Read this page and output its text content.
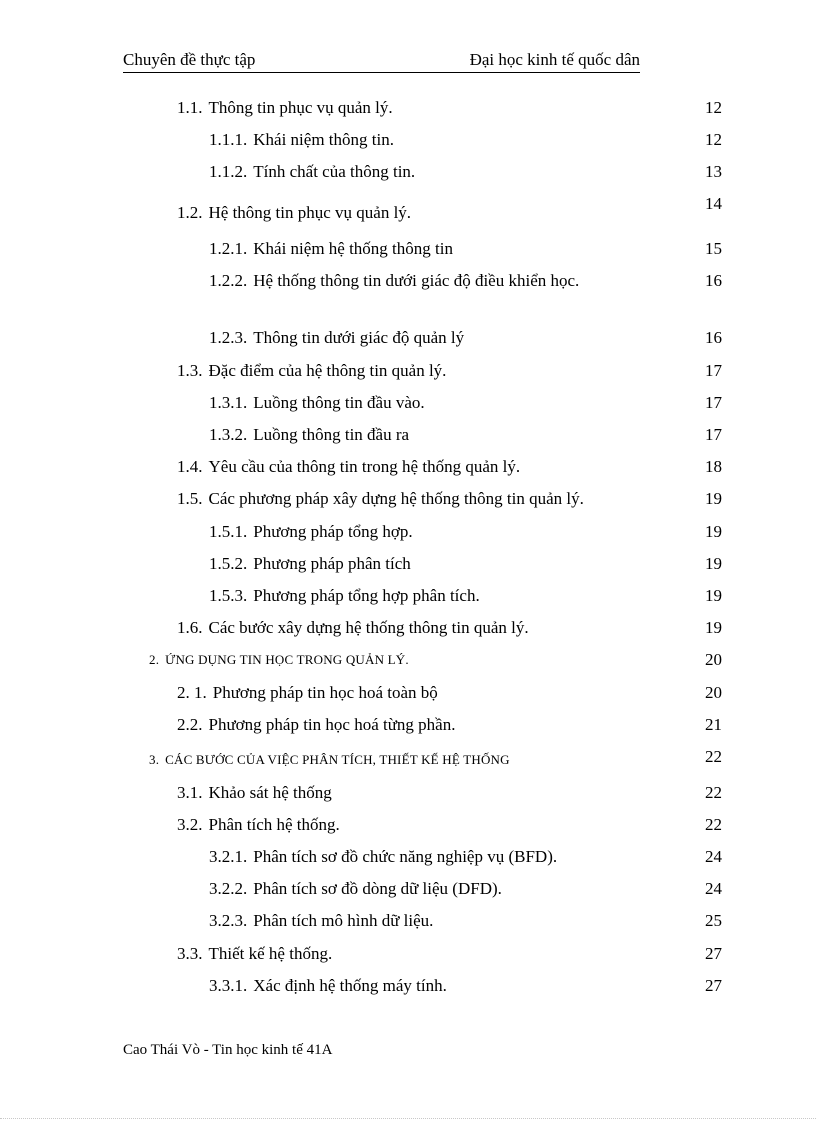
Chuyên đề thực tập	Đại học kinh tế quốc dân
1.1. Thông tin phục vụ quản lý.	12
1.1.1. Khái niệm thông tin.	12
1.1.2. Tính chất của thông tin.	13
1.2. Hệ thông tin phục vụ quản lý.	14
1.2.1. Khái niệm hệ thống thông tin	15
1.2.2. Hệ thống thông tin dưới giác độ điều khiển học.	16
1.2.3. Thông tin dưới giác độ quản lý	16
1.3. Đặc điểm của hệ thông tin quản lý.	17
1.3.1. Luồng thông tin đầu vào.	17
1.3.2. Luồng thông tin đầu ra	17
1.4. Yêu cầu của thông tin trong hệ thống quản lý.	18
1.5. Các phương pháp xây dựng hệ thống thông tin quản lý.	19
1.5.1. Phương pháp tổng hợp.	19
1.5.2. Phương pháp phân tích	19
1.5.3. Phương pháp tổng hợp phân tích.	19
1.6. Các bước xây dựng hệ thống thông tin quản lý.	19
2. ỨNG DỤNG TIN HỌC TRONG QUẢN LÝ.	20
2. 1. Phương pháp tin học hoá toàn bộ	20
2.2. Phương pháp tin học hoá từng phần.	21
3. CÁC BƯỚC CỦA VIỆC PHÂN TÍCH, THIẾT KẾ HỆ THỐNG	22
3.1. Khảo sát hệ thống	22
3.2. Phân tích hệ thống.	22
3.2.1. Phân tích sơ đồ chức năng nghiệp vụ (BFD).	24
3.2.2. Phân tích sơ đồ dòng dữ liệu (DFD).	24
3.2.3. Phân tích mô hình dữ liệu.	25
3.3. Thiết kế hệ thống.	27
3.3.1. Xác định hệ thống máy tính.	27
Cao Thái Vò - Tin học kinh tế 41A
